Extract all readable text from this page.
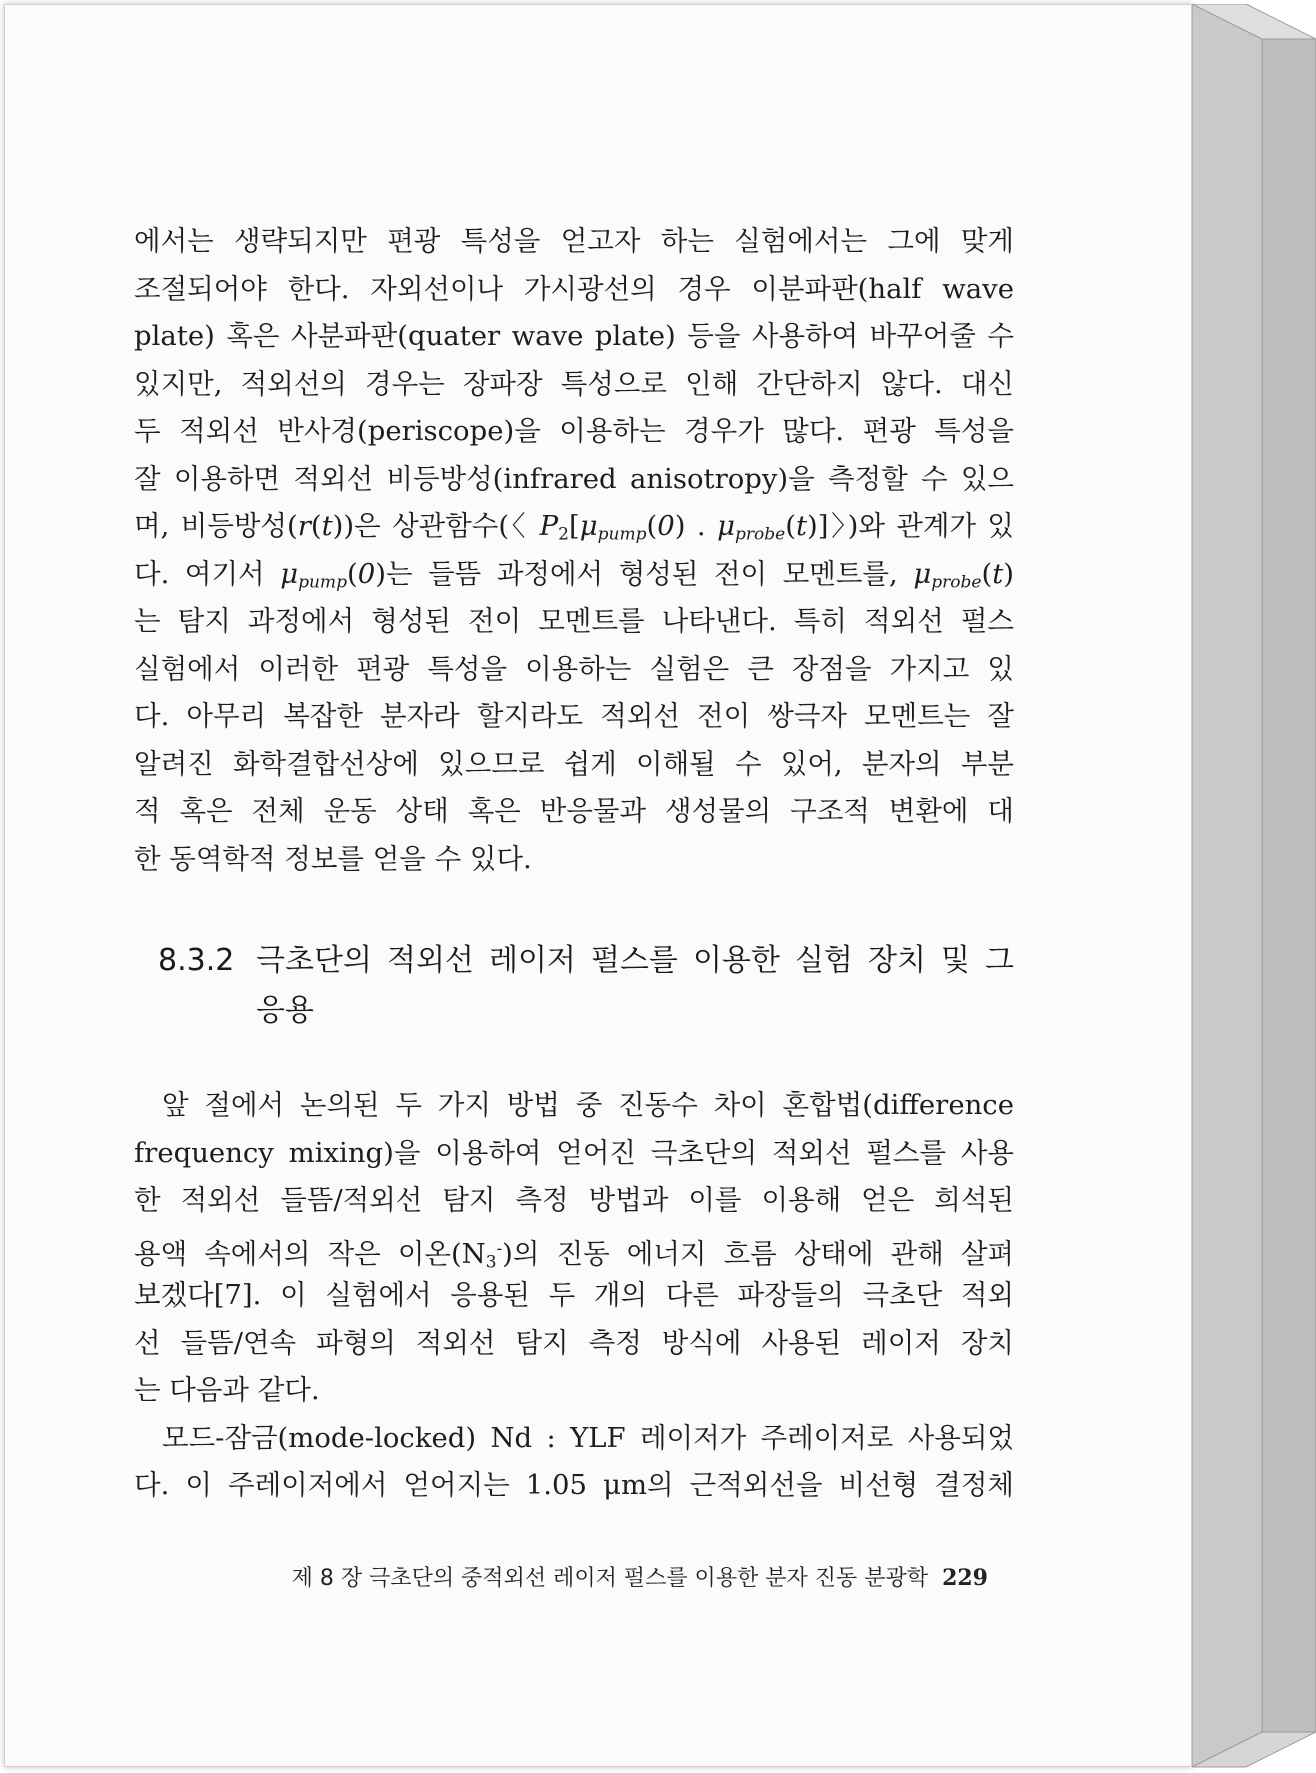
에서는 생략되지만 편광 특성을 얻고자 하는 실험에서는 그에 맞게
조절되어야 한다. 자외선이나 가시광선의 경우 이분파판(half wave
plate) 혹은 사분파판(quater wave plate) 등을 사용하여 바꾸어줄 수
있지만, 적외선의 경우는 장파장 특성으로 인해 간단하지 않다. 대신
두 적외선 반사경(periscope)을 이용하는 경우가 많다. 편광 특성을
잘 이용하면 적외선 비등방성(infrared anisotropy)을 측정할 수 있으
며, 비등방성(r(t))은 상관함수(〈 $P2[\mu_{pump}(0)$ . $\mu_{probe}(t)$]〉)와 관계가 있
다. 여기서 $\mu_{pump}(0)$는 들뜸 과정에서 형성된 전이 모멘트를, $\mu_{probe}(t)$
는 탐지 과정에서 형성된 전이 모멘트를 나타낸다. 특히 적외선 펄스
실험에서 이러한 편광 특성을 이용하는 실험은 큰 장점을 가지고 있
다. 아무리 복잡한 분자라 할지라도 적외선 전이 쌍극자 모멘트는 잘
알려진 화학결합선상에 있으므로 쉽게 이해될 수 있어, 분자의 부분
적 혹은 전체 운동 상태 혹은 반응물과 생성물의 구조적 변환에 대
한 동역학적 정보를 얻을 수 있다.
8.3.2 극초단의 적외선 레이저 펄스를 이용한 실험 장치 및 그
응용
앞 절에서 논의된 두 가지 방법 중 진동수 차이 혼합법(difference
frequency mixing)을 이용하여 얻어진 극초단의 적외선 펄스를 사용
한 적외선 들뜸/적외선 탐지 측정 방법과 이를 이용해 얻은 희석된
용액 속에서의 작은 이온(N3-)의 진동 에너지 흐름 상태에 관해 살펴
보겠다[7]. 이 실험에서 응용된 두 개의 다른 파장들의 극초단 적외
선 들뜸/연속 파형의 적외선 탐지 측정 방식에 사용된 레이저 장치
는 다음과 같다.
모드-잠금(mode-locked) Nd : YLF 레이저가 주레이저로 사용되었
다. 이 주레이저에서 얻어지는 1.05 μm의 근적외선을 비선형 결정체
제 8 장 극초단의 중적외선 레이저 펄스를 이용한 분자 진동 분광학 229
